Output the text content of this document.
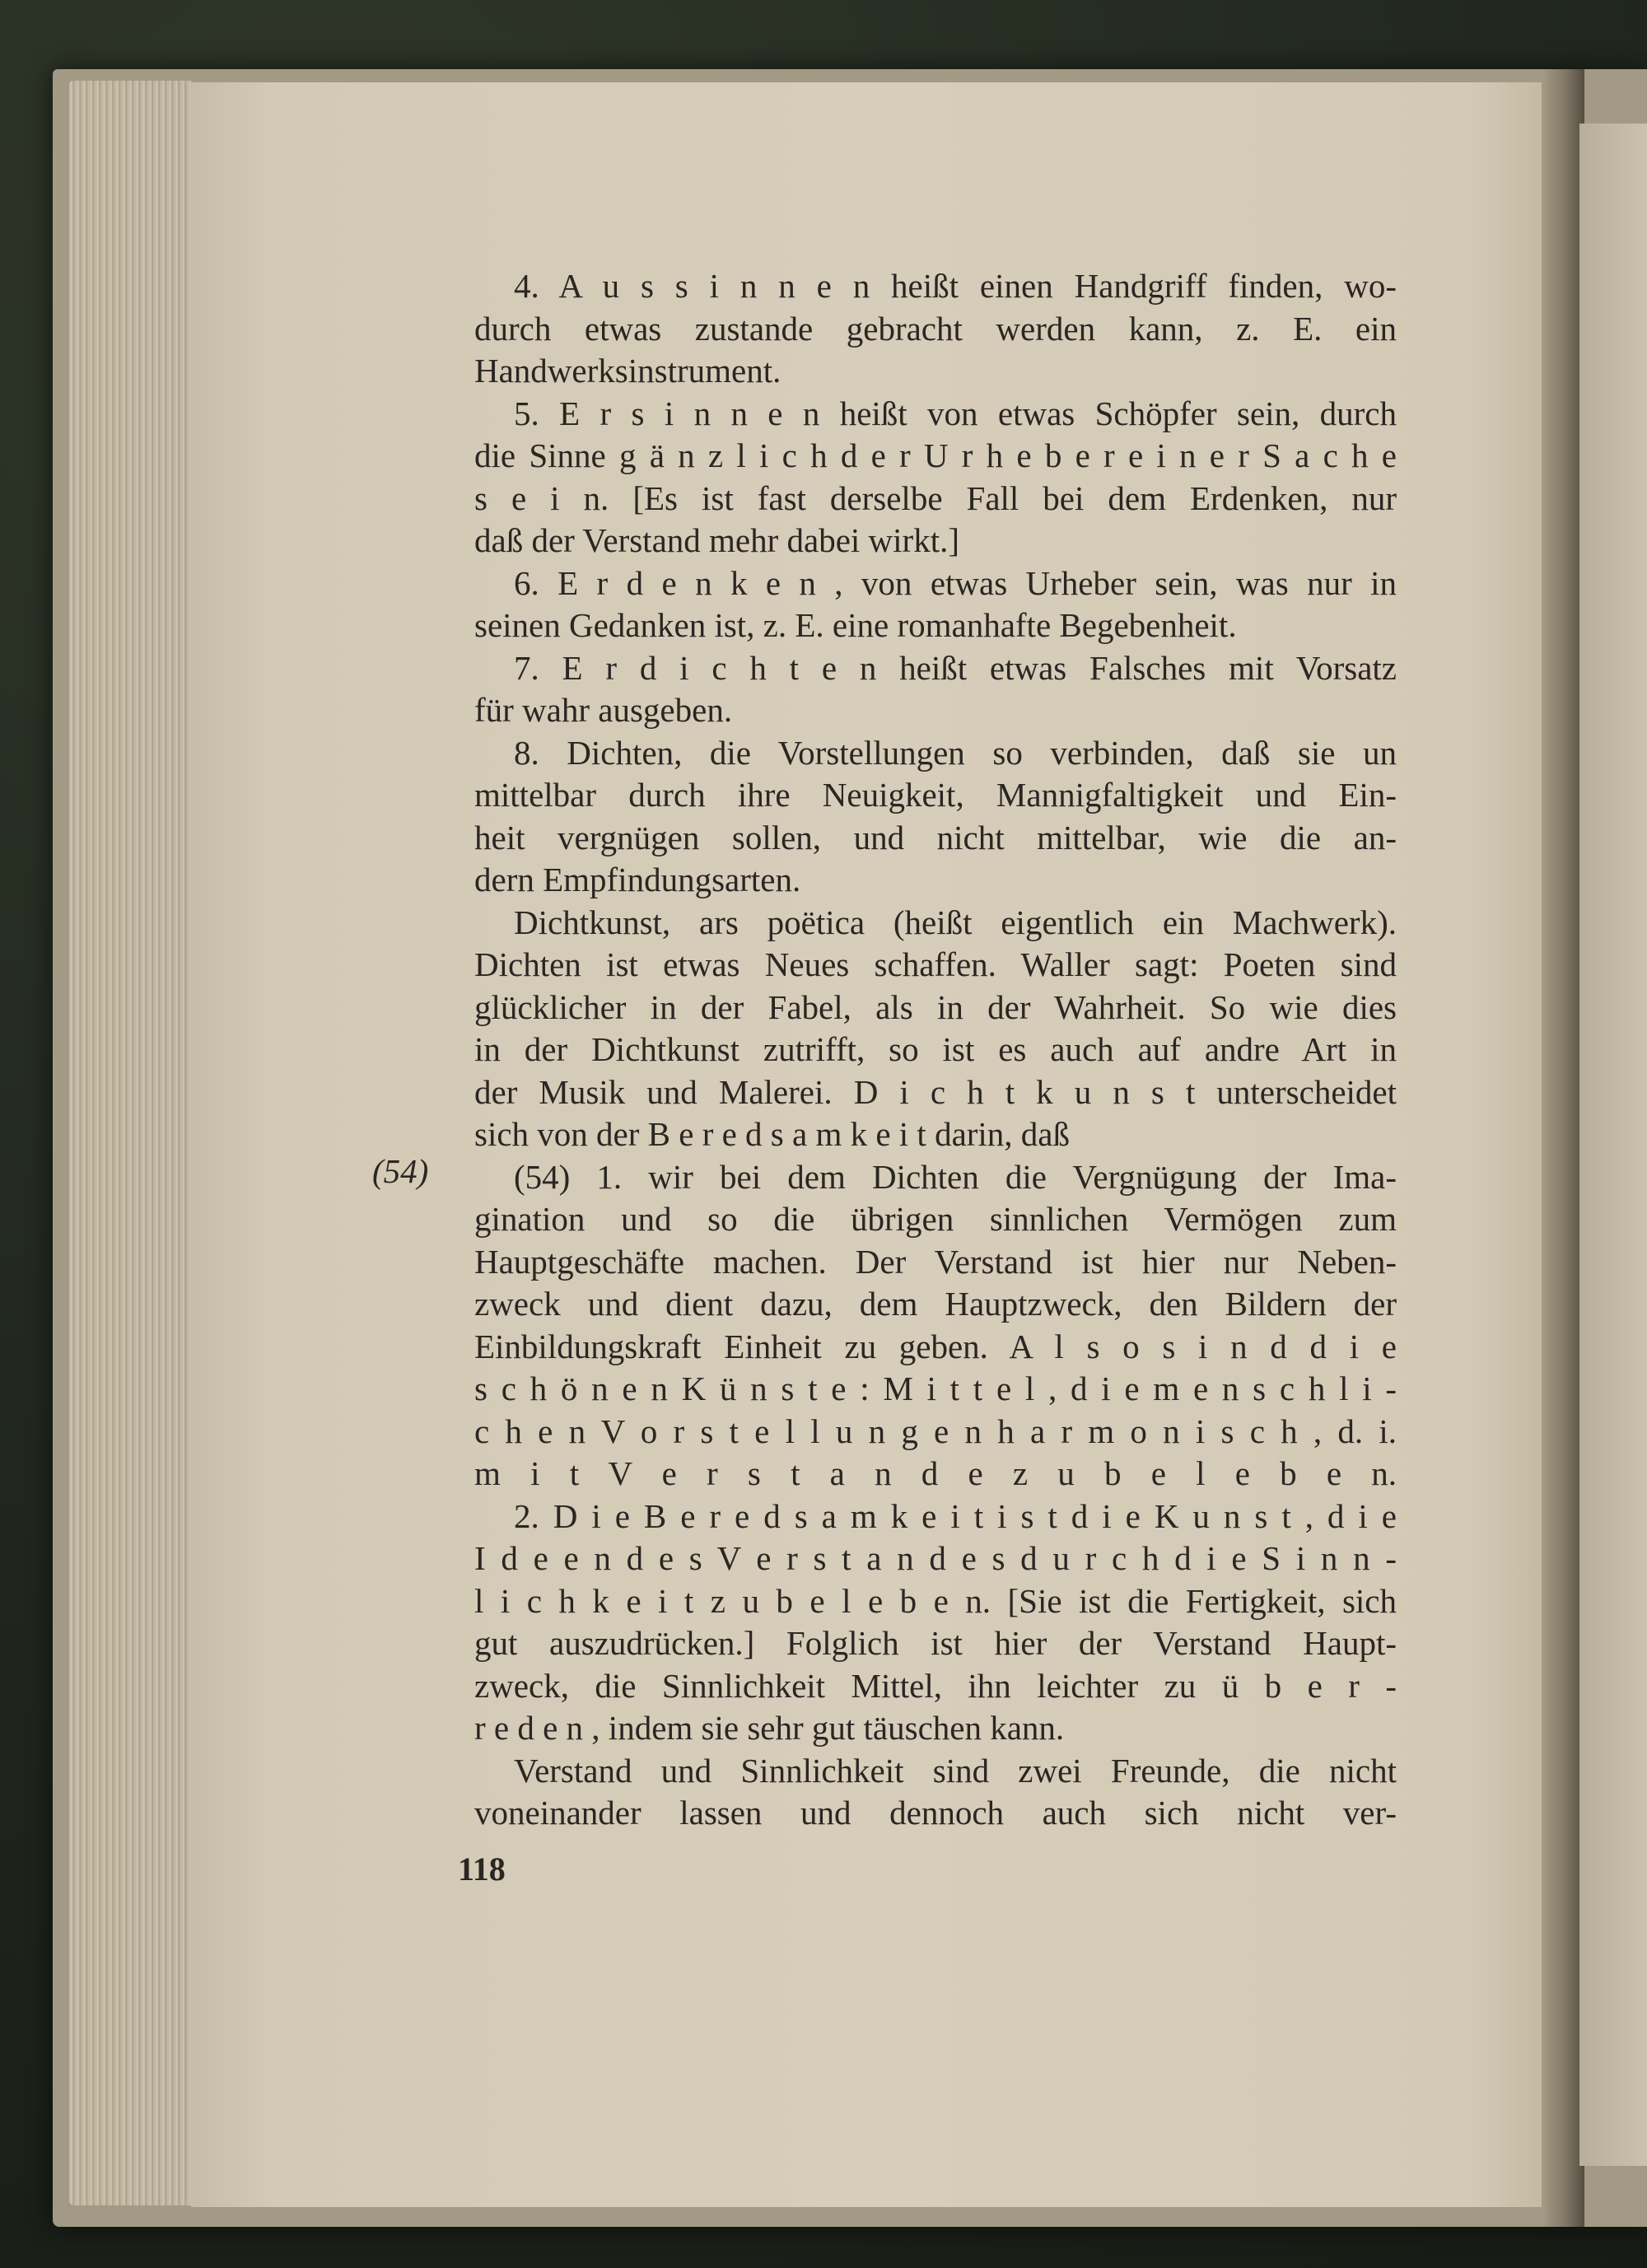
(54)
4. A u s s i n n e n heißt einen Handgriff finden, wo-
durch etwas zustande gebracht werden kann, z. E. ein
Handwerksinstrument.
5. E r s i n n e n heißt von etwas Schöpfer sein, durch
die Sinne g ä n z l i c h d e r U r h e b e r e i n e r S a c h e
s e i n. [Es ist fast derselbe Fall bei dem Erdenken, nur
daß der Verstand mehr dabei wirkt.]
6. E r d e n k e n , von etwas Urheber sein, was nur in
seinen Gedanken ist, z. E. eine romanhafte Begebenheit.
7. E r d i c h t e n heißt etwas Falsches mit Vorsatz
für wahr ausgeben.
8. Dichten, die Vorstellungen so verbinden, daß sie un
mittelbar durch ihre Neuigkeit, Mannigfaltigkeit und Ein-
heit vergnügen sollen, und nicht mittelbar, wie die an-
dern Empfindungsarten.
Dichtkunst, ars poëtica (heißt eigentlich ein Machwerk).
Dichten ist etwas Neues schaffen. Waller sagt: Poeten sind
glücklicher in der Fabel, als in der Wahrheit. So wie dies
in der Dichtkunst zutrifft, so ist es auch auf andre Art in
der Musik und Malerei. D i c h t k u n s t unterscheidet
sich von der B e r e d s a m k e i t darin, daß
(54) 1. wir bei dem Dichten die Vergnügung der Ima-
gination und so die übrigen sinnlichen Vermögen zum
Hauptgeschäfte machen. Der Verstand ist hier nur Neben-
zweck und dient dazu, dem Hauptzweck, den Bildern der
Einbildungskraft Einheit zu geben. A l s o s i n d d i e
s c h ö n e n K ü n s t e : M i t t e l , d i e m e n s c h l i -
c h e n V o r s t e l l u n g e n h a r m o n i s c h , d. i.
m i t V e r s t a n d e z u b e l e b e n.
2. D i e B e r e d s a m k e i t i s t d i e K u n s t , d i e
I d e e n d e s V e r s t a n d e s d u r c h d i e S i n n -
l i c h k e i t z u b e l e b e n. [Sie ist die Fertigkeit, sich
gut auszudrücken.] Folglich ist hier der Verstand Haupt-
zweck, die Sinnlichkeit Mittel, ihn leichter zu ü b e r -
r e d e n , indem sie sehr gut täuschen kann.
Verstand und Sinnlichkeit sind zwei Freunde, die nicht
voneinander lassen und dennoch auch sich nicht ver-
118
